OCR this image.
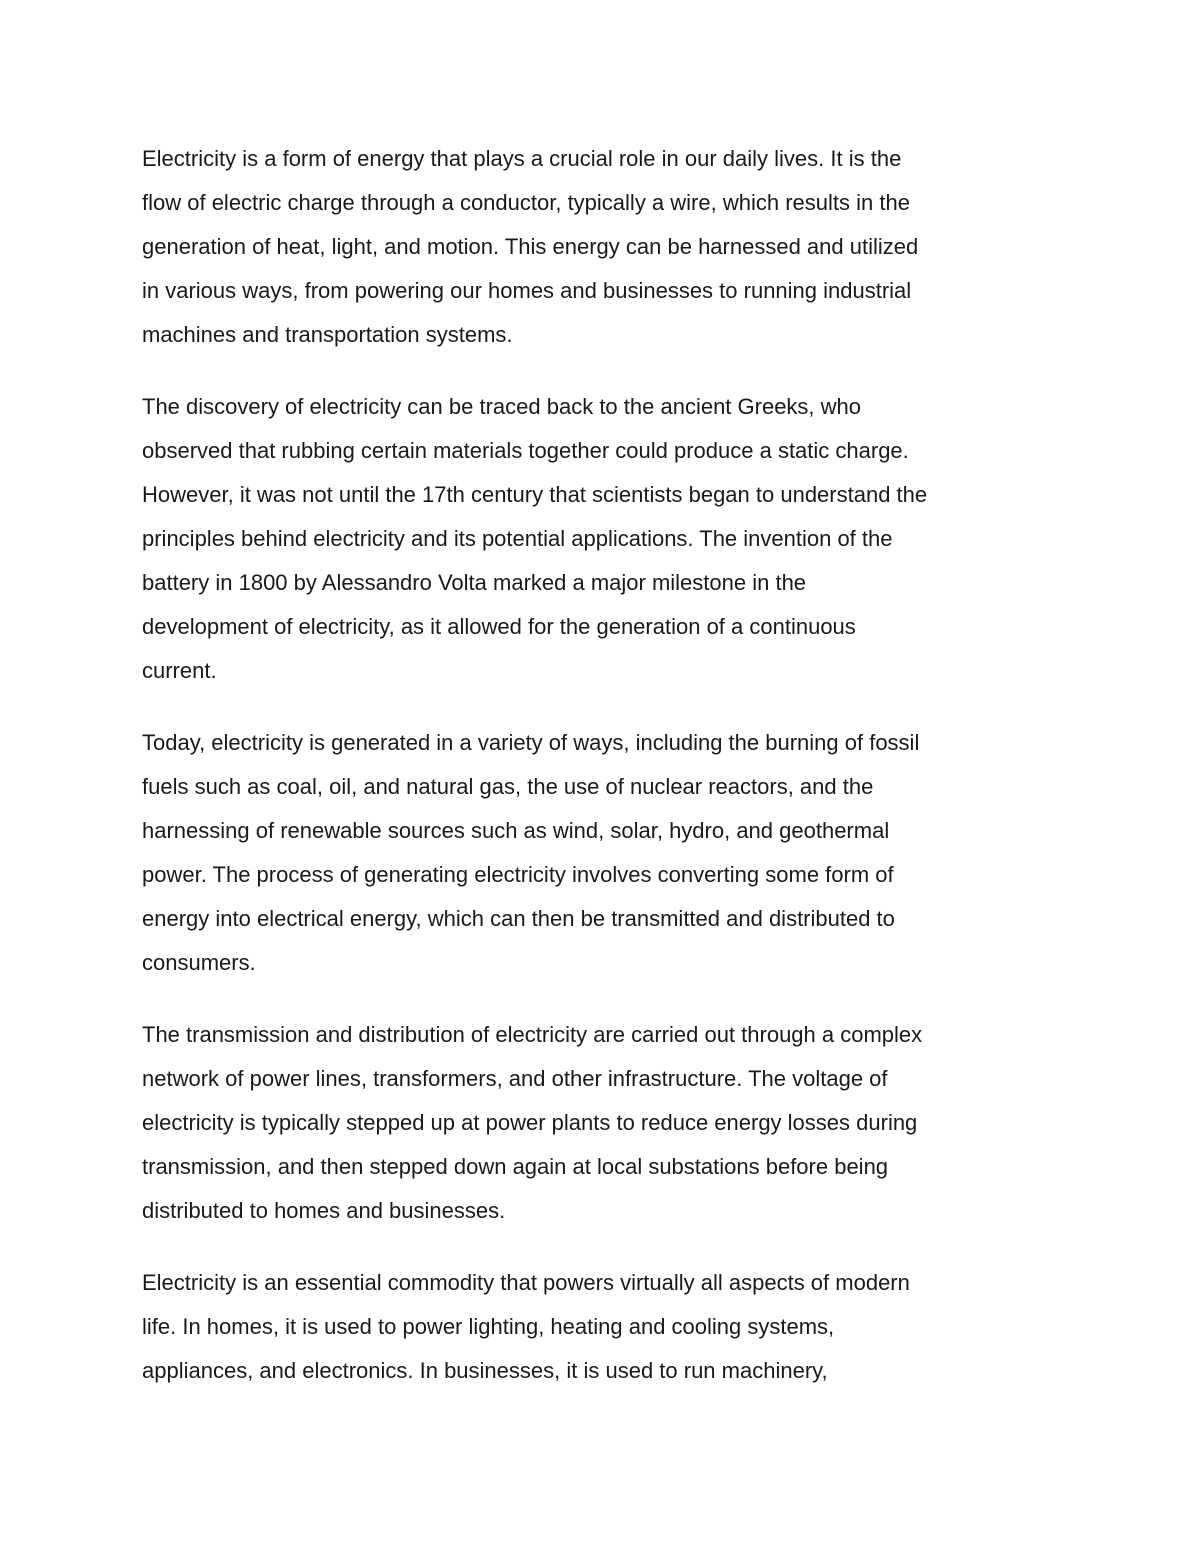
Electricity is a form of energy that plays a crucial role in our daily lives. It is the
flow of electric charge through a conductor, typically a wire, which results in the
generation of heat, light, and motion. This energy can be harnessed and utilized
in various ways, from powering our homes and businesses to running industrial
machines and transportation systems.

The discovery of electricity can be traced back to the ancient Greeks, who
observed that rubbing certain materials together could produce a static charge.
However, it was not until the 17th century that scientists began to understand the
principles behind electricity and its potential applications. The invention of the
battery in 1800 by Alessandro Volta marked a major milestone in the
development of electricity, as it allowed for the generation of a continuous
current.

Today, electricity is generated in a variety of ways, including the burning of fossil
fuels such as coal, oil, and natural gas, the use of nuclear reactors, and the
harnessing of renewable sources such as wind, solar, hydro, and geothermal
power. The process of generating electricity involves converting some form of
energy into electrical energy, which can then be transmitted and distributed to
consumers.

The transmission and distribution of electricity are carried out through a complex
network of power lines, transformers, and other infrastructure. The voltage of
electricity is typically stepped up at power plants to reduce energy losses during
transmission, and then stepped down again at local substations before being
distributed to homes and businesses.

Electricity is an essential commodity that powers virtually all aspects of modern
life. In homes, it is used to power lighting, heating and cooling systems,
appliances, and electronics. In businesses, it is used to run machinery,
